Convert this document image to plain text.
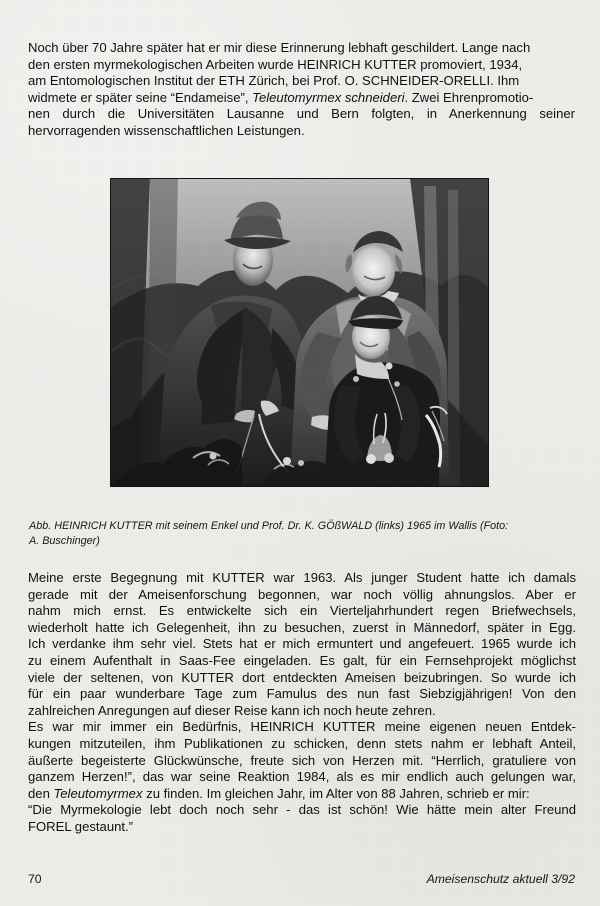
Noch über 70 Jahre später hat er mir diese Erinnerung lebhaft geschildert. Lange nach
den ersten myrmekologischen Arbeiten wurde HEINRICH KUTTER promoviert, 1934,
am Entomologischen Institut der ETH Zürich, bei Prof. O. SCHNEIDER-ORELLI. Ihm
widmete er später seine “Endameise”, Teleutomyrmex schneideri. Zwei Ehrenpromotio-
nen durch die Universitäten Lausanne und Bern folgten, in Anerkennung seiner
hervorragenden wissenschaftlichen Leistungen.
Abb. HEINRICH KUTTER mit seinem Enkel und Prof. Dr. K. GÖßWALD (links) 1965 im Wallis (Foto:
A. Buschinger)
Meine erste Begegnung mit KUTTER war 1963. Als junger Student hatte ich damals
gerade mit der Ameisenforschung begonnen, war noch völlig ahnungslos. Aber er
nahm mich ernst. Es entwickelte sich ein Vierteljahrhundert regen Briefwechsels,
wiederholt hatte ich Gelegenheit, ihn zu besuchen, zuerst in Männedorf, später in Egg.
Ich verdanke ihm sehr viel. Stets hat er mich ermuntert und angefeuert. 1965 wurde ich
zu einem Aufenthalt in Saas-Fee eingeladen. Es galt, für ein Fernsehprojekt möglichst
viele der seltenen, von KUTTER dort entdeckten Ameisen beizubringen. So wurde ich
für ein paar wunderbare Tage zum Famulus des nun fast Siebzigjährigen! Von den
zahlreichen Anregungen auf dieser Reise kann ich noch heute zehren.
Es war mir immer ein Bedürfnis, HEINRICH KUTTER meine eigenen neuen Entdek-
kungen mitzuteilen, ihm Publikationen zu schicken, denn stets nahm er lebhaft Anteil,
äußerte begeisterte Glückwünsche, freute sich von Herzen mit. “Herrlich, gratuliere von
ganzem Herzen!”, das war seine Reaktion 1984, als es mir endlich auch gelungen war,
den Teleutomyrmex zu finden. Im gleichen Jahr, im Alter von 88 Jahren, schrieb er mir:
“Die Myrmekologie lebt doch noch sehr - das ist schön! Wie hätte mein alter Freund
FOREL gestaunt.”
70	Ameisenschutz aktuell 3/92
